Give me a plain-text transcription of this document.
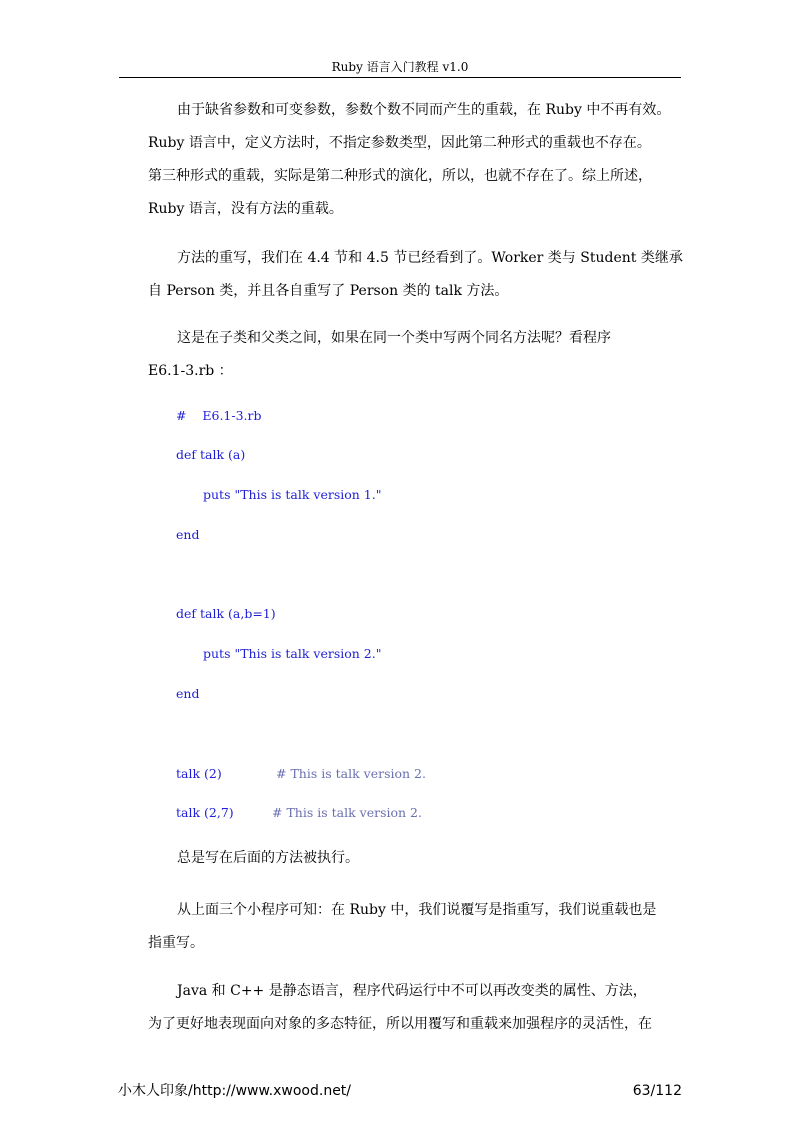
Ruby 语言入门教程 v1.0
由于缺省参数和可变参数，参数个数不同而产生的重载，在 Ruby 中不再有效。
Ruby 语言中，定义方法时，不指定参数类型，因此第二种形式的重载也不存在。
第三种形式的重载，实际是第二种形式的演化，所以，也就不存在了。综上所述，
Ruby 语言，没有方法的重载。
方法的重写，我们在 4.4 节和 4.5 节已经看到了。Worker 类与 Student 类继承
自 Person 类，并且各自重写了 Person 类的 talk 方法。
这是在子类和父类之间，如果在同一个类中写两个同名方法呢？看程序
E6.1-3.rb ：
#    E6.1-3.rb
def talk (a)
puts "This is talk version 1."
end
def talk (a,b=1)
puts "This is talk version 2."
end
talk (2)	# This is talk version 2.
talk (2,7)	# This is talk version 2.
总是写在后面的方法被执行。
从上面三个小程序可知：在 Ruby 中，我们说覆写是指重写，我们说重载也是
指重写。
Java 和 C++ 是静态语言，程序代码运行中不可以再改变类的属性、方法，
为了更好地表现面向对象的多态特征，所以用覆写和重载来加强程序的灵活性，在
小木人印象/http://www.xwood.net/	63/112
